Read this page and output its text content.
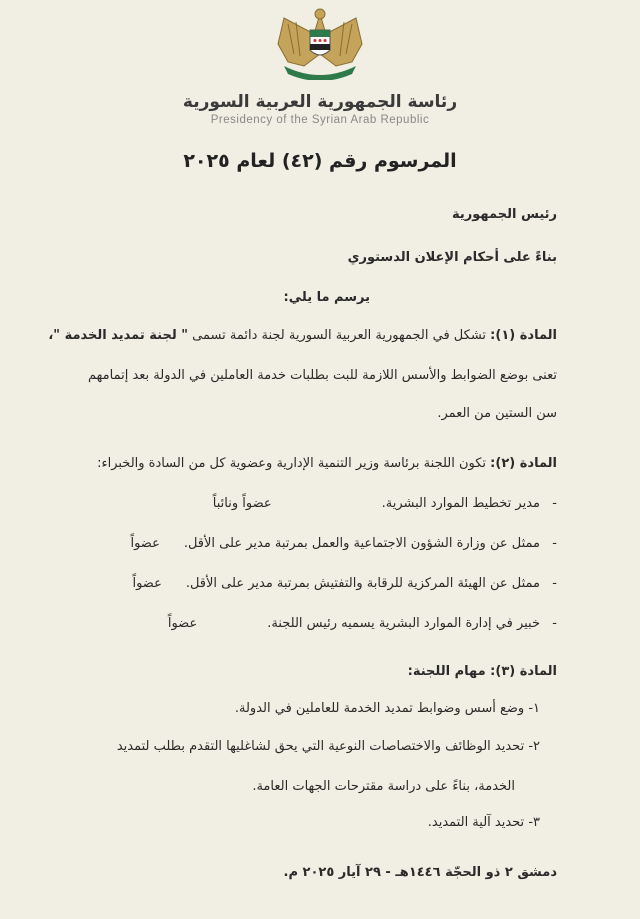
رئاسة الجمهورية العربية السورية
Presidency of the Syrian Arab Republic
المرسوم رقم (٤٢) لعام ٢٠٢٥
رئيس الجمهورية
بناءً على أحكام الإعلان الدستوري
يرسم ما يلي:
المادة (١): تشكل في الجمهورية العربية السورية لجنة دائمة تسمى " لجنة تمديد الخدمة "،
تعنى بوضع الضوابط والأسس اللازمة للبت بطلبات خدمة العاملين في الدولة بعد إتمامهم
سن الستين من العمر.
المادة (٢): تكون اللجنة برئاسة وزير التنمية الإدارية وعضوية كل من السادة والخبراء:
-
مدير تخطيط الموارد البشرية.
عضواً ونائباً
-
ممثل عن وزارة الشؤون الاجتماعية والعمل بمرتبة مدير على الأقل.
عضواً
-
ممثل عن الهيئة المركزية للرقابة والتفتيش بمرتبة مدير على الأقل.
عضواً
-
خبير في إدارة الموارد البشرية يسميه رئيس اللجنة.
عضواً
المادة (٣): مهام اللجنة:
١- وضع أسس وضوابط تمديد الخدمة للعاملين في الدولة.
٢- تحديد الوظائف والاختصاصات النوعية التي يحق لشاغليها التقدم بطلب لتمديد
الخدمة، بناءً على دراسة مقترحات الجهات العامة.
٣- تحديد آلية التمديد.
دمشق ٢ ذو الحجّة ١٤٤٦هـ - ٢٩ آيار ٢٠٢٥ م.
